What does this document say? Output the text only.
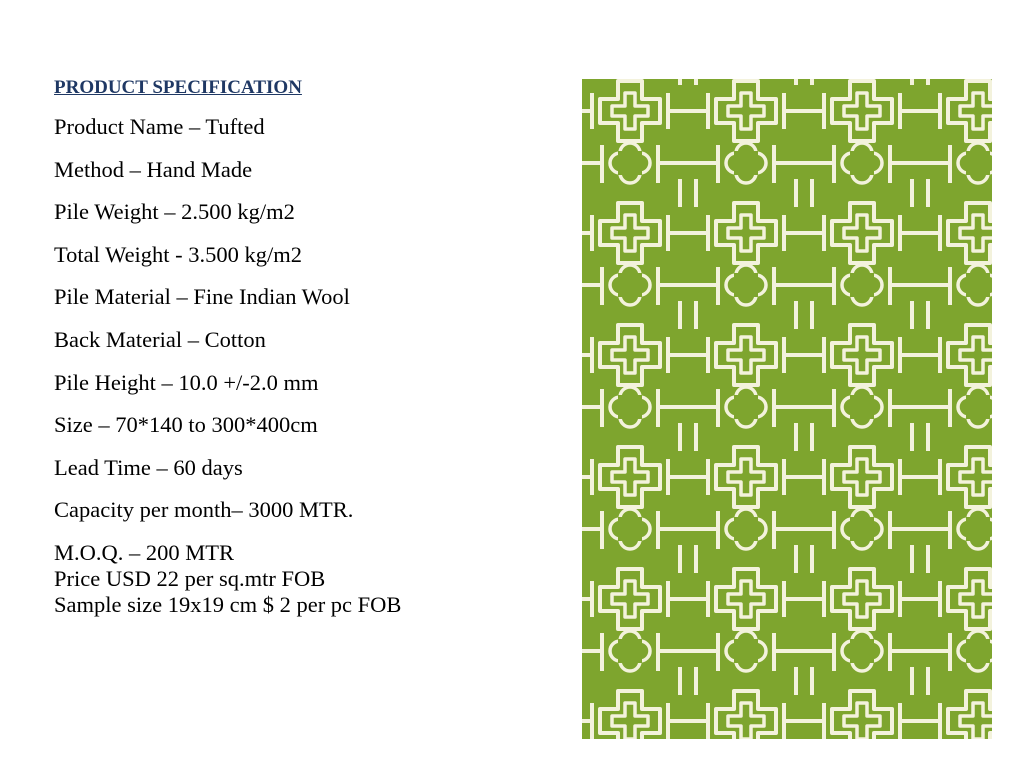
PRODUCT SPECIFICATION
Product Name – Tufted
Method – Hand Made
Pile Weight – 2.500 kg/m2
Total Weight - 3.500 kg/m2
Pile Material – Fine Indian Wool
Back Material – Cotton
Pile Height – 10.0 +/-2.0 mm
Size – 70*140 to 300*400cm
Lead Time – 60 days
Capacity per month– 3000 MTR.
M.O.Q. – 200 MTR
Price USD 22 per sq.mtr FOB
Sample size 19x19 cm $ 2 per pc FOB
